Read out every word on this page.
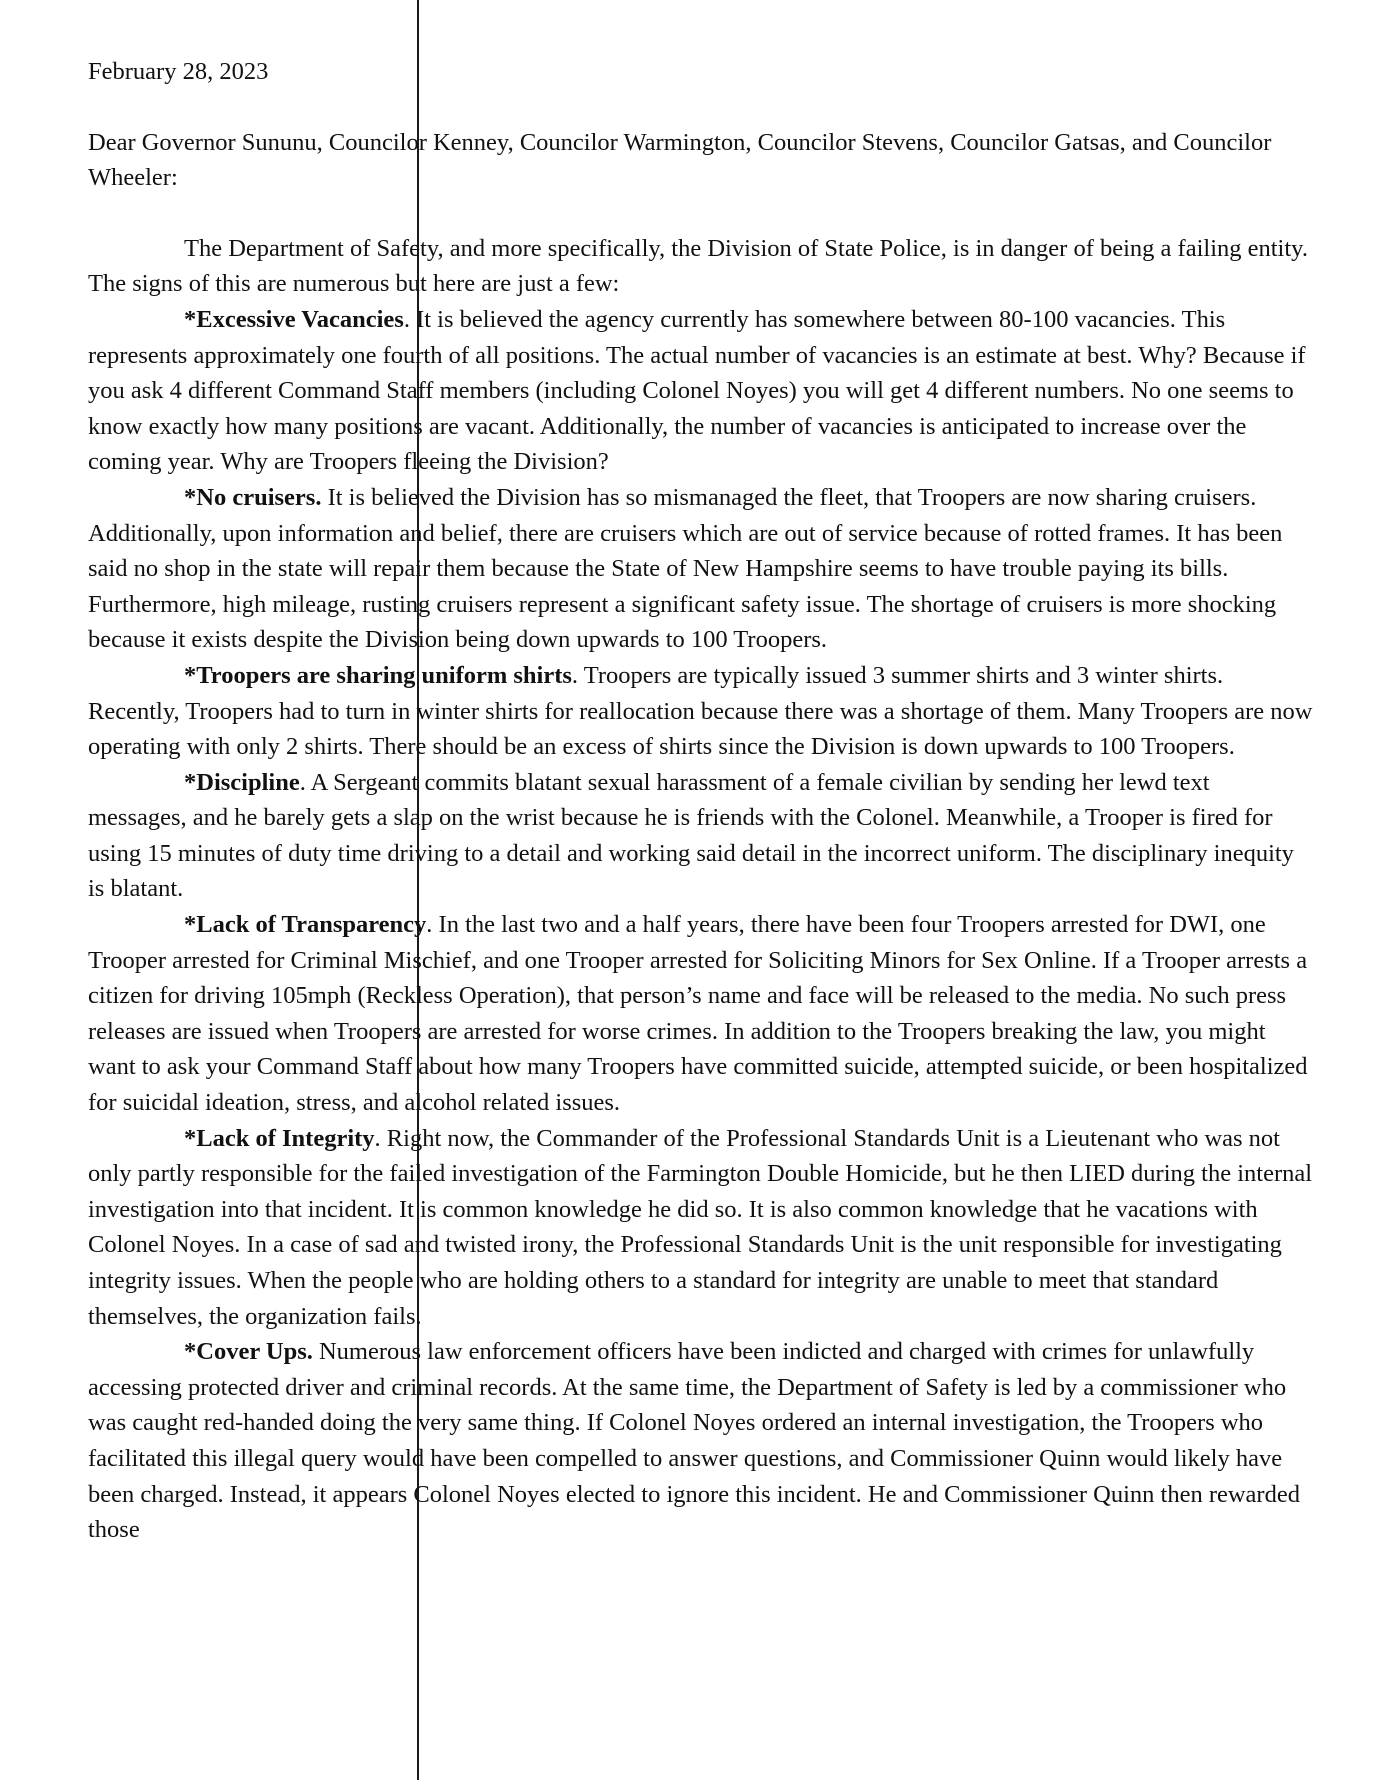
February 28, 2023

Dear Governor Sununu, Councilor Kenney, Councilor Warmington, Councilor Stevens, Councilor Gatsas, and Councilor Wheeler:

The Department of Safety, and more specifically, the Division of State Police, is in danger of being a failing entity. The signs of this are numerous but here are just a few:

*Excessive Vacancies. It is believed the agency currently has somewhere between 80-100 vacancies. This represents approximately one fourth of all positions. The actual number of vacancies is an estimate at best. Why? Because if you ask 4 different Command Staff members (including Colonel Noyes) you will get 4 different numbers. No one seems to know exactly how many positions are vacant. Additionally, the number of vacancies is anticipated to increase over the coming year. Why are Troopers fleeing the Division?

*No cruisers. It is believed the Division has so mismanaged the fleet, that Troopers are now sharing cruisers. Additionally, upon information and belief, there are cruisers which are out of service because of rotted frames. It has been said no shop in the state will repair them because the State of New Hampshire seems to have trouble paying its bills. Furthermore, high mileage, rusting cruisers represent a significant safety issue. The shortage of cruisers is more shocking because it exists despite the Division being down upwards to 100 Troopers.

*Troopers are sharing uniform shirts. Troopers are typically issued 3 summer shirts and 3 winter shirts. Recently, Troopers had to turn in winter shirts for reallocation because there was a shortage of them. Many Troopers are now operating with only 2 shirts. There should be an excess of shirts since the Division is down upwards to 100 Troopers.

*Discipline. A Sergeant commits blatant sexual harassment of a female civilian by sending her lewd text messages, and he barely gets a slap on the wrist because he is friends with the Colonel. Meanwhile, a Trooper is fired for using 15 minutes of duty time driving to a detail and working said detail in the incorrect uniform. The disciplinary inequity is blatant.

*Lack of Transparency. In the last two and a half years, there have been four Troopers arrested for DWI, one Trooper arrested for Criminal Mischief, and one Trooper arrested for Soliciting Minors for Sex Online. If a Trooper arrests a citizen for driving 105mph (Reckless Operation), that person’s name and face will be released to the media. No such press releases are issued when Troopers are arrested for worse crimes. In addition to the Troopers breaking the law, you might want to ask your Command Staff about how many Troopers have committed suicide, attempted suicide, or been hospitalized for suicidal ideation, stress, and alcohol related issues.

*Lack of Integrity. Right now, the Commander of the Professional Standards Unit is a Lieutenant who was not only partly responsible for the failed investigation of the Farmington Double Homicide, but he then LIED during the internal investigation into that incident. It is common knowledge he did so. It is also common knowledge that he vacations with Colonel Noyes. In a case of sad and twisted irony, the Professional Standards Unit is the unit responsible for investigating integrity issues. When the people who are holding others to a standard for integrity are unable to meet that standard themselves, the organization fails.

*Cover Ups. Numerous law enforcement officers have been indicted and charged with crimes for unlawfully accessing protected driver and criminal records. At the same time, the Department of Safety is led by a commissioner who was caught red-handed doing the very same thing. If Colonel Noyes ordered an internal investigation, the Troopers who facilitated this illegal query would have been compelled to answer questions, and Commissioner Quinn would likely have been charged. Instead, it appears Colonel Noyes elected to ignore this incident. He and Commissioner Quinn then rewarded those
